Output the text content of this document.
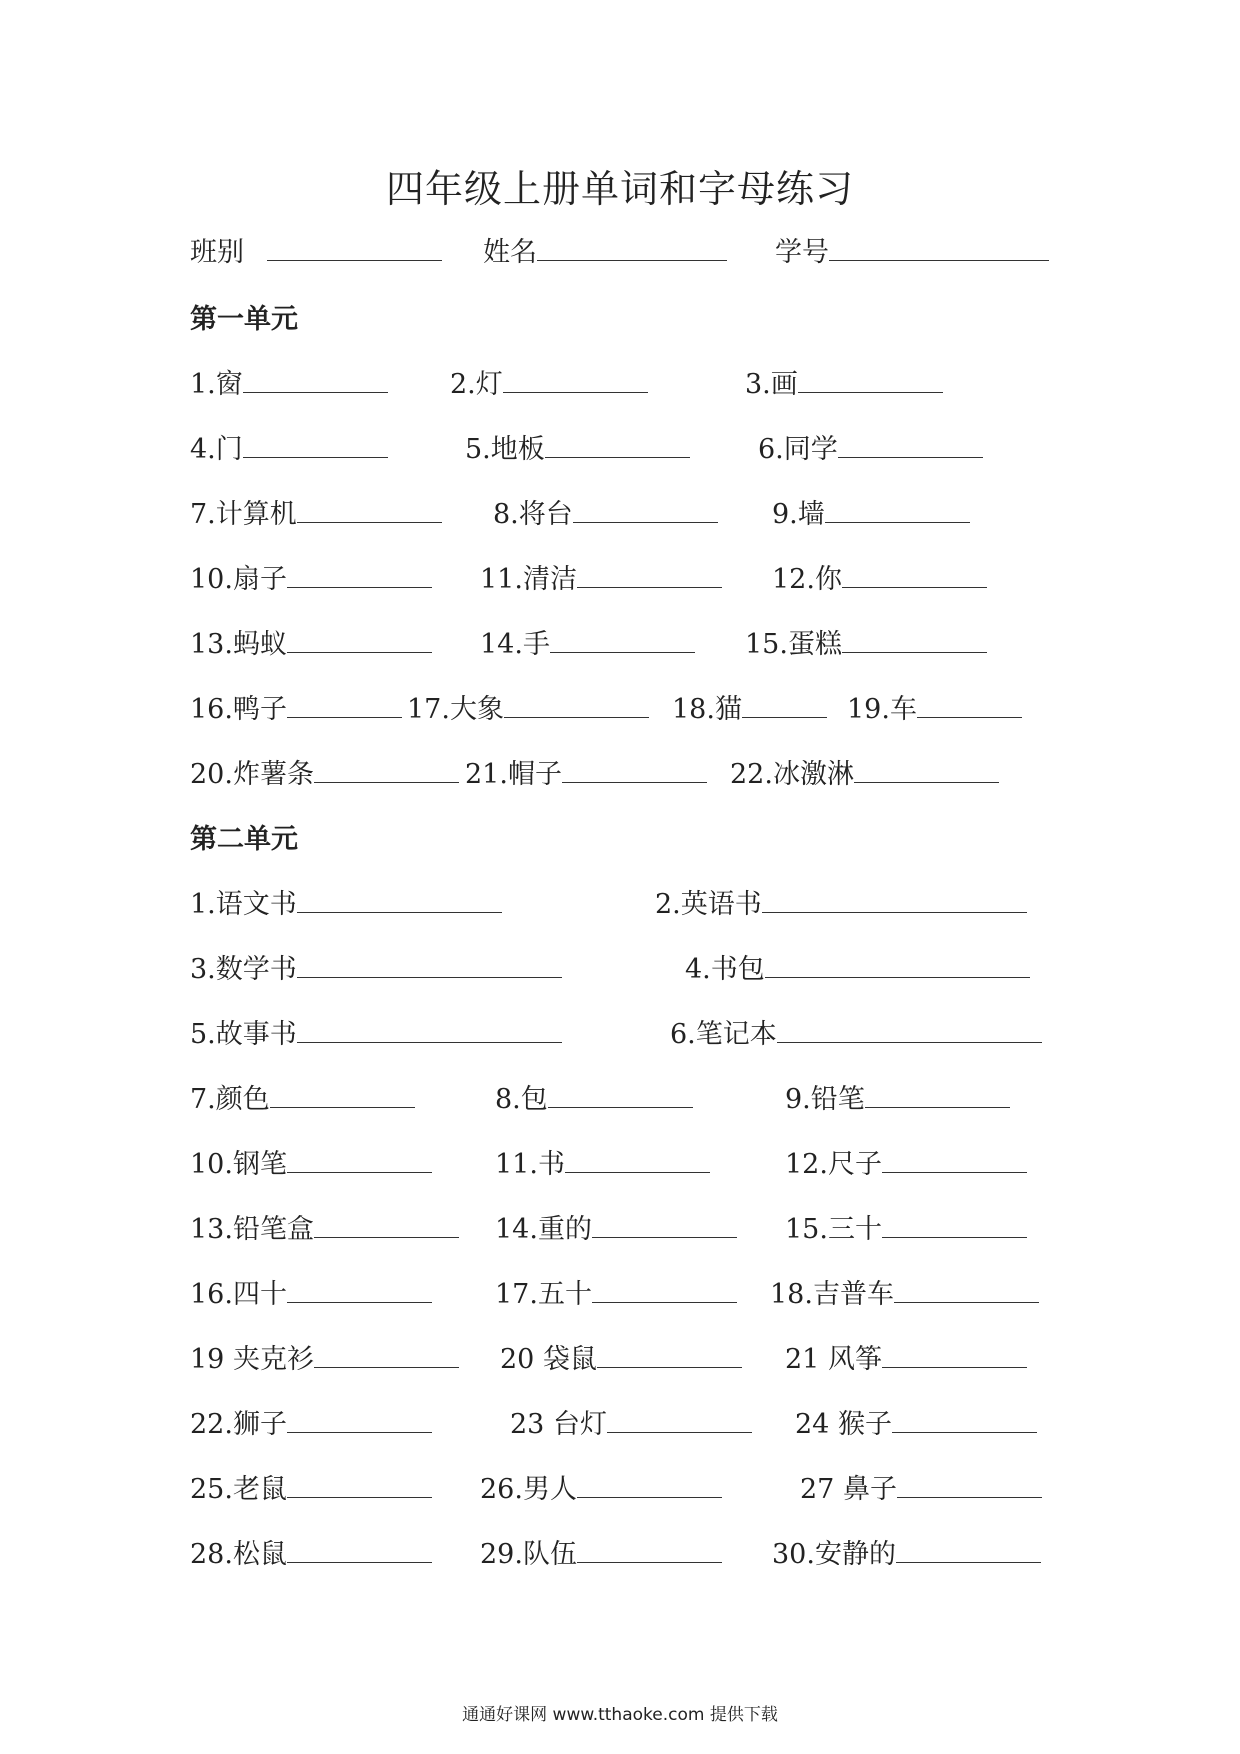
四年级上册单词和字母练习
班别	姓名	学号
第一单元
1.窗	2.灯	3.画
4.门	5.地板	6.同学
7.计算机	8.将台	9.墙
10.扇子	11.清洁	12.你
13.蚂蚁	14.手	15.蛋糕
16.鸭子	17.大象	18.猫	19.车
20.炸薯条	21.帽子	22.冰激淋
第二单元
1.语文书	2.英语书
3.数学书	4.书包
5.故事书	6.笔记本
7.颜色	8.包	9.铅笔
10.钢笔	11.书	12.尺子
13.铅笔盒	14.重的	15.三十
16.四十	17.五十	18.吉普车
19 夹克衫	20 袋鼠	21 风筝
22.狮子	23 台灯	24 猴子
25.老鼠	26.男人	27 鼻子
28.松鼠	29.队伍	30.安静的
通通好课网 www.tthaoke.com 提供下载
